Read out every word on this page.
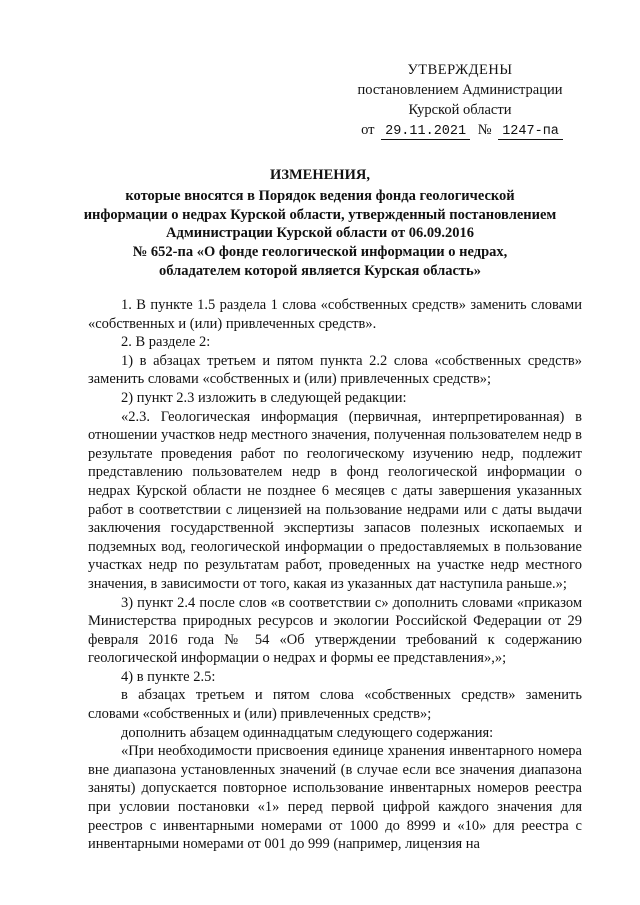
УТВЕРЖДЕНЫ
постановлением Администрации
Курской области
от 29.11.2021 № 1247-па
ИЗМЕНЕНИЯ,
которые вносятся в Порядок ведения фонда геологической
информации о недрах Курской области, утвержденный постановлением
Администрации Курской области от 06.09.2016
№ 652-па «О фонде геологической информации о недрах,
обладателем которой является Курская область»

1. В пункте 1.5 раздела 1 слова «собственных средств» заменить словами «собственных и (или) привлеченных средств».

2. В разделе 2:

1) в абзацах третьем и пятом пункта 2.2 слова «собственных средств» заменить словами «собственных и (или) привлеченных средств»;

2) пункт 2.3 изложить в следующей редакции:

«2.3. Геологическая информация (первичная, интерпретированная) в отношении участков недр местного значения, полученная пользователем недр в результате проведения работ по геологическому изучению недр, подлежит представлению пользователем недр в фонд геологической информации о недрах Курской области не позднее 6 месяцев с даты завершения указанных работ в соответствии с лицензией на пользование недрами или с даты выдачи заключения государственной экспертизы запасов полезных ископаемых и подземных вод, геологической информации о предоставляемых в пользование участках недр по результатам работ, проведенных на участке недр местного значения, в зависимости от того, какая из указанных дат наступила раньше.»;

3) пункт 2.4 после слов «в соответствии с» дополнить словами «приказом Министерства природных ресурсов и экологии Российской Федерации от 29 февраля 2016 года № 54 «Об утверждении требований к содержанию геологической информации о недрах и формы ее представления»,»;

4) в пункте 2.5:

в абзацах третьем и пятом слова «собственных средств» заменить словами «собственных и (или) привлеченных средств»;

дополнить абзацем одиннадцатым следующего содержания:

«При необходимости присвоения единице хранения инвентарного номера вне диапазона установленных значений (в случае если все значения диапазона заняты) допускается повторное использование инвентарных номеров реестра при условии постановки «1» перед первой цифрой каждого значения для реестров с инвентарными номерами от 1000 до 8999 и «10» для реестра с инвентарными номерами от 001 до 999 (например, лицензия на
